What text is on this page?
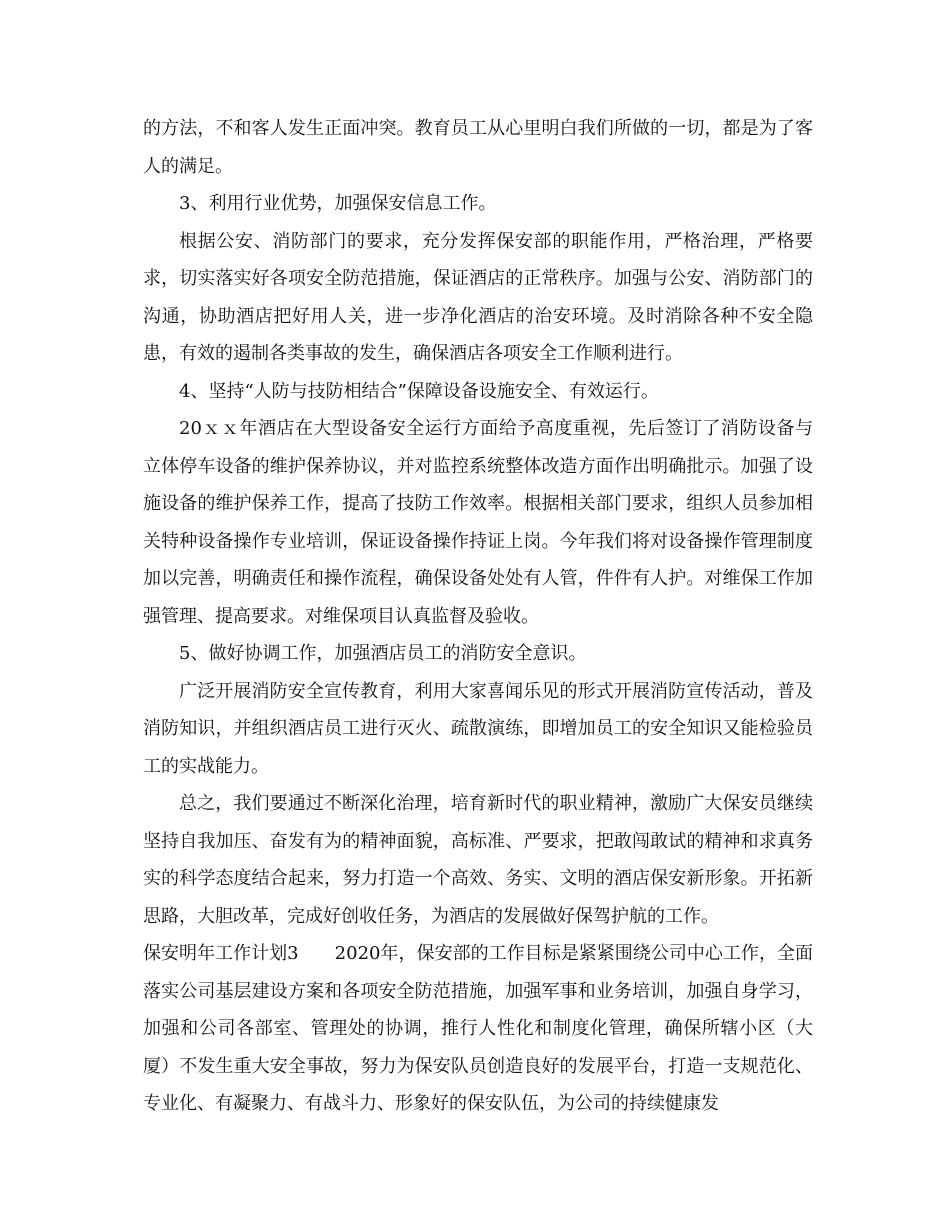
的方法，不和客人发生正面冲突。教育员工从心里明白我们所做的一切，都是为了客人的满足。

3、利用行业优势，加强保安信息工作。

根据公安、消防部门的要求，充分发挥保安部的职能作用，严格治理，严格要求，切实落实好各项安全防范措施，保证酒店的正常秩序。加强与公安、消防部门的沟通，协助酒店把好用人关，进一步净化酒店的治安环境。及时消除各种不安全隐患，有效的遏制各类事故的发生，确保酒店各项安全工作顺利进行。

4、坚持“人防与技防相结合”保障设备设施安全、有效运行。

20ｘｘ年酒店在大型设备安全运行方面给予高度重视，先后签订了消防设备与立体停车设备的维护保养协议，并对监控系统整体改造方面作出明确批示。加强了设施设备的维护保养工作，提高了技防工作效率。根据相关部门要求，组织人员参加相关特种设备操作专业培训，保证设备操作持证上岗。今年我们将对设备操作管理制度加以完善，明确责任和操作流程，确保设备处处有人管，件件有人护。对维保工作加强管理、提高要求。对维保项目认真监督及验收。

5、做好协调工作，加强酒店员工的消防安全意识。

广泛开展消防安全宣传教育，利用大家喜闻乐见的形式开展消防宣传活动，普及消防知识，并组织酒店员工进行灭火、疏散演练，即增加员工的安全知识又能检验员工的实战能力。

总之，我们要通过不断深化治理，培育新时代的职业精神，激励广大保安员继续坚持自我加压、奋发有为的精神面貌，高标准、严要求，把敢闯敢试的精神和求真务实的科学态度结合起来，努力打造一个高效、务实、文明的酒店保安新形象。开拓新思路，大胆改革，完成好创收任务，为酒店的发展做好保驾护航的工作。

保安明年工作计划3　　2020年，保安部的工作目标是紧紧围绕公司中心工作，全面落实公司基层建设方案和各项安全防范措施，加强军事和业务培训，加强自身学习，加强和公司各部室、管理处的协调，推行人性化和制度化管理，确保所辖小区（大厦）不发生重大安全事故，努力为保安队员创造良好的发展平台，打造一支规范化、专业化、有凝聚力、有战斗力、形象好的保安队伍，为公司的持续健康发
